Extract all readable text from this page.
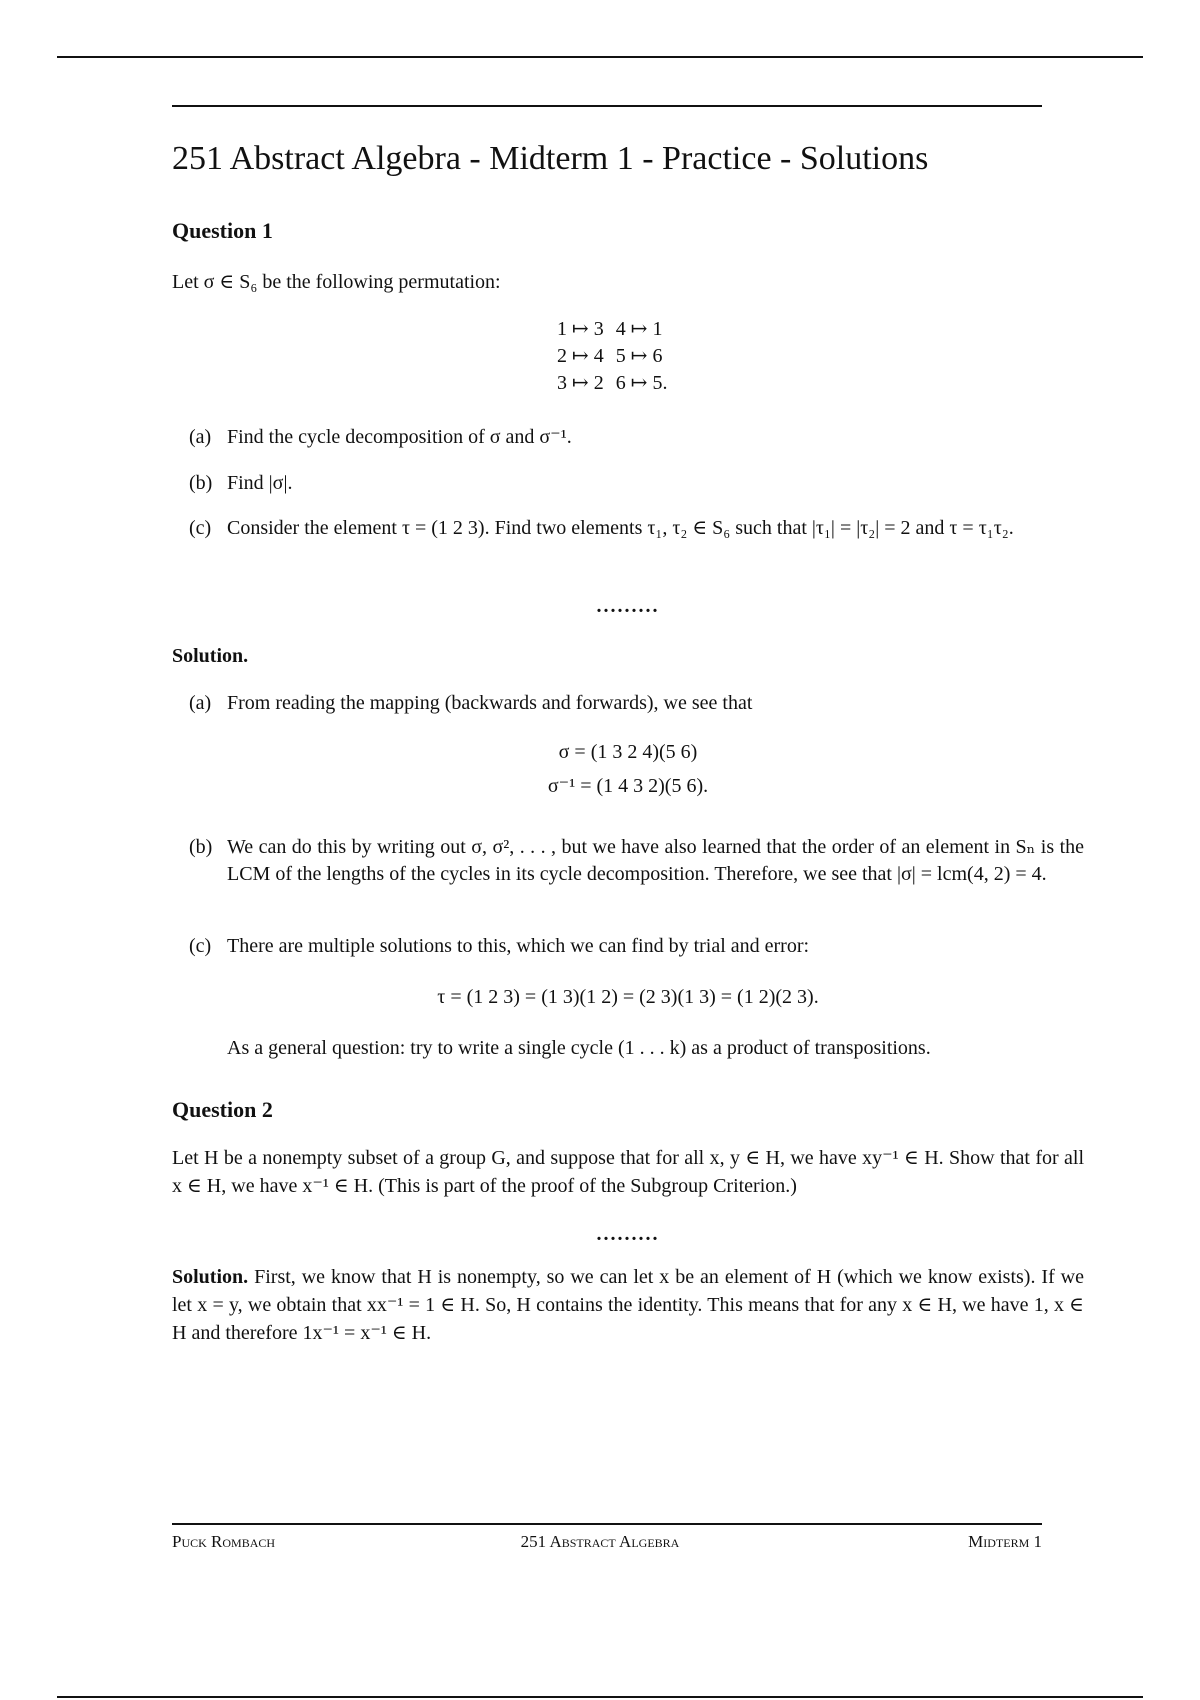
251 Abstract Algebra - Midterm 1 - Practice - Solutions
Question 1
Let σ ∈ S₆ be the following permutation:
1 ↦ 3	4 ↦ 1
2 ↦ 4	5 ↦ 6
3 ↦ 2	6 ↦ 5.
(a) Find the cycle decomposition of σ and σ⁻¹.
(b) Find |σ|.
(c) Consider the element τ = (1 2 3). Find two elements τ₁, τ₂ ∈ S₆ such that |τ₁| = |τ₂| = 2 and τ = τ₁τ₂.
.........
Solution.
(a) From reading the mapping (backwards and forwards), we see that
σ = (1 3 2 4)(5 6)
σ⁻¹ = (1 4 3 2)(5 6).
(b) We can do this by writing out σ, σ², . . . , but we have also learned that the order of an element in Sₙ is the LCM of the lengths of the cycles in its cycle decomposition. Therefore, we see that |σ| = lcm(4, 2) = 4.
(c) There are multiple solutions to this, which we can find by trial and error:
τ = (1 2 3) = (1 3)(1 2) = (2 3)(1 3) = (1 2)(2 3).
As a general question: try to write a single cycle (1 . . . k) as a product of transpositions.
Question 2
Let H be a nonempty subset of a group G, and suppose that for all x, y ∈ H, we have xy⁻¹ ∈ H. Show that for all x ∈ H, we have x⁻¹ ∈ H. (This is part of the proof of the Subgroup Criterion.)
.........
Solution. First, we know that H is nonempty, so we can let x be an element of H (which we know exists). If we let x = y, we obtain that xx⁻¹ = 1 ∈ H. So, H contains the identity. This means that for any x ∈ H, we have 1, x ∈ H and therefore 1x⁻¹ = x⁻¹ ∈ H.
Puck Rombach	251 Abstract Algebra	Midterm 1
